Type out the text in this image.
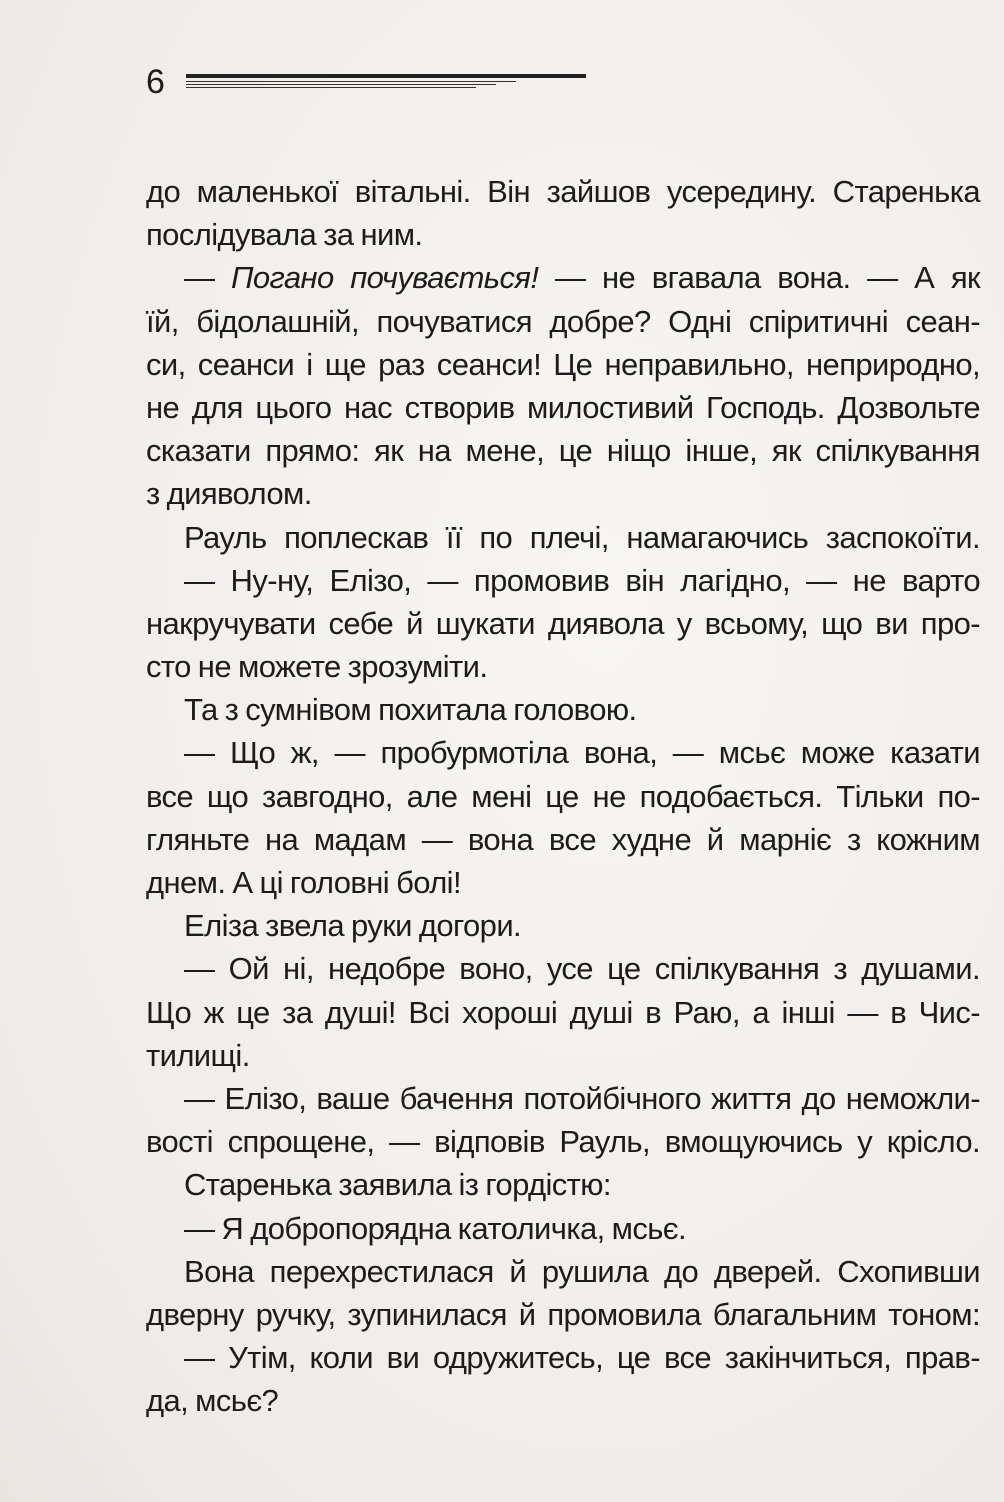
6
до маленької вітальні. Він зайшов усередину. Старенька
послідувала за ним.
— Погано почувається! — не вгавала вона. — А як
їй, бідолашній, почуватися добре? Одні спіритичні сеан-
си, сеанси і ще раз сеанси! Це неправильно, неприродно,
не для цього нас створив милостивий Господь. Дозвольте
сказати прямо: як на мене, це ніщо інше, як спілкування
з дияволом.
Рауль поплескав її по плечі, намагаючись заспокоїти.
— Ну-ну, Елізо, — промовив він лагідно, — не варто
накручувати себе й шукати диявола у всьому, що ви про-
сто не можете зрозуміти.
Та з сумнівом похитала головою.
— Що ж, — пробурмотіла вона, — мсьє може казати
все що завгодно, але мені це не подобається. Тільки по-
гляньте на мадам — вона все худне й марніє з кожним
днем. А ці головні болі!
Еліза звела руки догори.
— Ой ні, недобре воно, усе це спілкування з душами.
Що ж це за душі! Всі хороші душі в Раю, а інші — в Чис-
тилищі.
— Елізо, ваше бачення потойбічного життя до неможли-
вості спрощене, — відповів Рауль, вмощуючись у крісло.
Старенька заявила із гордістю:
— Я добропорядна католичка, мсьє.
Вона перехрестилася й рушила до дверей. Схопивши
дверну ручку, зупинилася й промовила благальним тоном:
— Утім, коли ви одружитесь, це все закінчиться, прав-
да, мсьє?
